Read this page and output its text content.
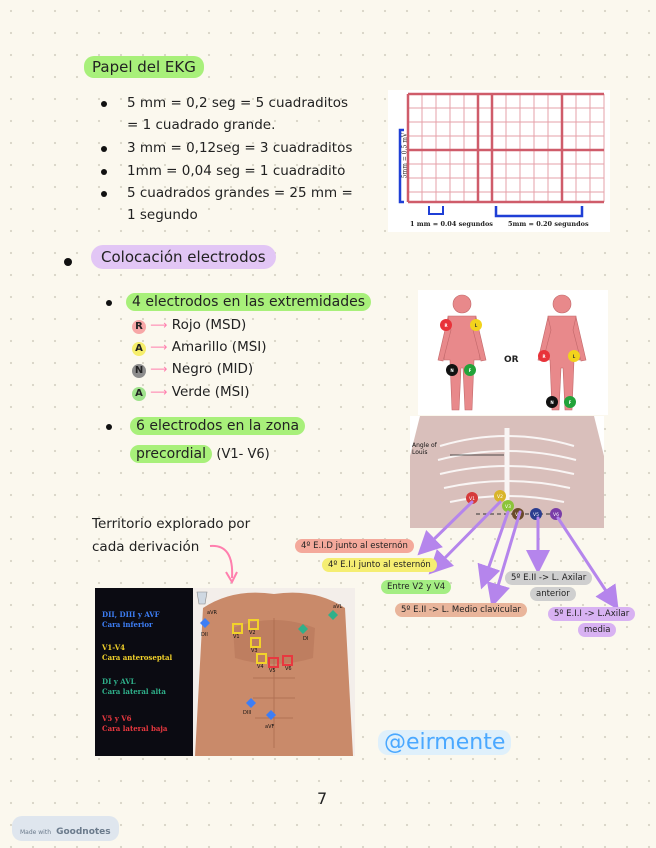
Papel del EKG
5 mm = 0,2 seg = 5 cuadraditos
= 1 cuadrado grande.
3 mm = 0,12seg = 3 cuadraditos
1mm = 0,04 seg = 1 cuadradito
5 cuadrados grandes = 25 mm =
1 segundo
5mm = 0.5 mV
1 mm = 0.04 segundos 5mm = 0.20 segundos
Colocación electrodos
4 electrodos en las extremidades
R ⟶ Rojo (MSD)
A ⟶ Amarillo (MSI)
N ⟶ Negro (MID)
A ⟶ Verde (MSI)
R	L
N	F
R	L
N	F
OR
6 electrodos en la zona
precordial (V1- V6)
V1	V2
V3
V4	V5	V6
Angle of
Louis
4º E.I.D junto al esternón
4º E.I.I junto al esternón
Entre V2 y V4
5º E.II -> L. Medio clavicular
5º E.II -> L. Axilar
anterior
5º E.I.I -> L.Axilar
media
Territorio explorado por
cada derivación
DII, DIII y AVF
Cara inferior
V1-V4
Cara anteroseptal
DI y AVL
Cara lateral alta
V5 y V6
Cara lateral baja
aVR
aVL
V1
V2
V3
V4
V5 V6
DI
DII
DIII
aVF
@eirmente
7
Made with Goodnotes
